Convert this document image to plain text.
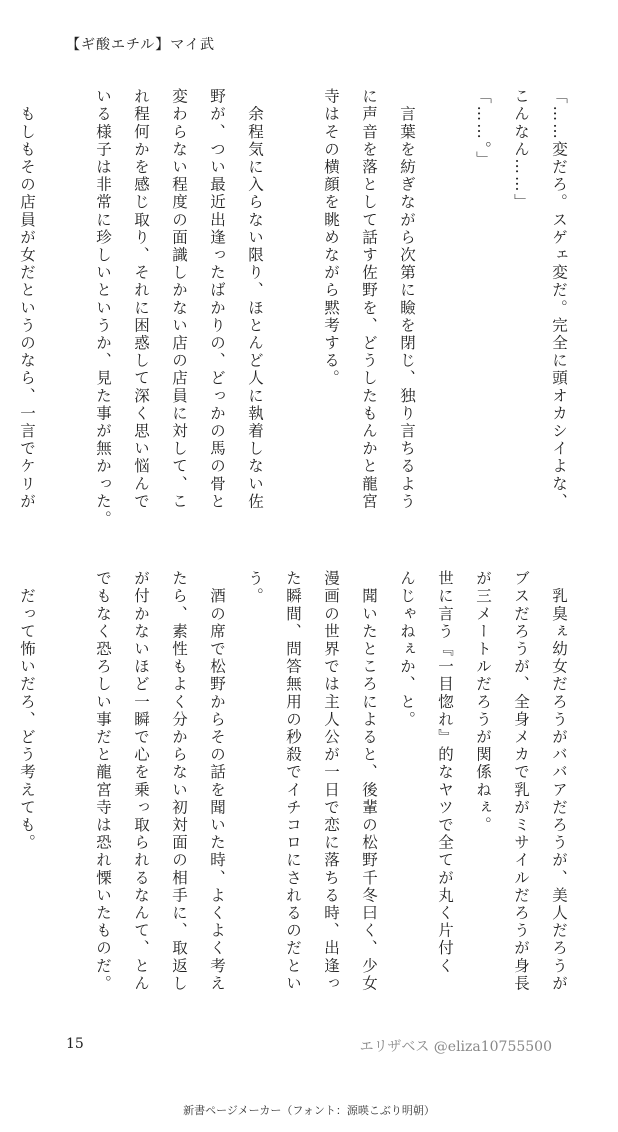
【ギ酸エチル】マイ武
「……変だろ。スゲェ変だ。完全に頭オカシイよな、
こんなん……」
「……。」

　言葉を紡ぎながら次第に瞼を閉じ、独り言ちるよう
に声音を落として話す佐野を、どうしたもんかと龍宮
寺はその横顔を眺めながら黙考する。

　余程気に入らない限り、ほとんど人に執着しない佐
野が、つい最近出逢ったばかりの、どっかの馬の骨と
変わらない程度の面識しかない店の店員に対して、こ
れ程何かを感じ取り、それに困惑して深く思い悩んで
いる様子は非常に珍しいというか、見た事が無かった。

　もしもその店員が女だというのなら、一言でケリが

　乳臭ぇ幼女だろうがババアだろうが、美人だろうが
ブスだろうが、全身メカで乳がミサイルだろうが身長
が三メートルだろうが関係ねぇ。
世に言う『一目惚れ』的なヤツで全てが丸く片付く
んじゃねぇか、と。
　聞いたところによると、後輩の松野千冬曰く、少女
漫画の世界では主人公が一日で恋に落ちる時、出逢っ
た瞬間、問答無用の秒殺でイチコロにされるのだとい
う。
　酒の席で松野からその話を聞いた時、よくよく考え
たら、素性もよく分からない初対面の相手に、取返し
が付かないほど一瞬で心を乗っ取られるなんて、とん
でもなく恐ろしい事だと龍宮寺は恐れ慄いたものだ。

　だって怖いだろ、どう考えても。

15	エリザベス @eliza10755500
新書ページメーカー（フォント：源暎こぶり明朝）
